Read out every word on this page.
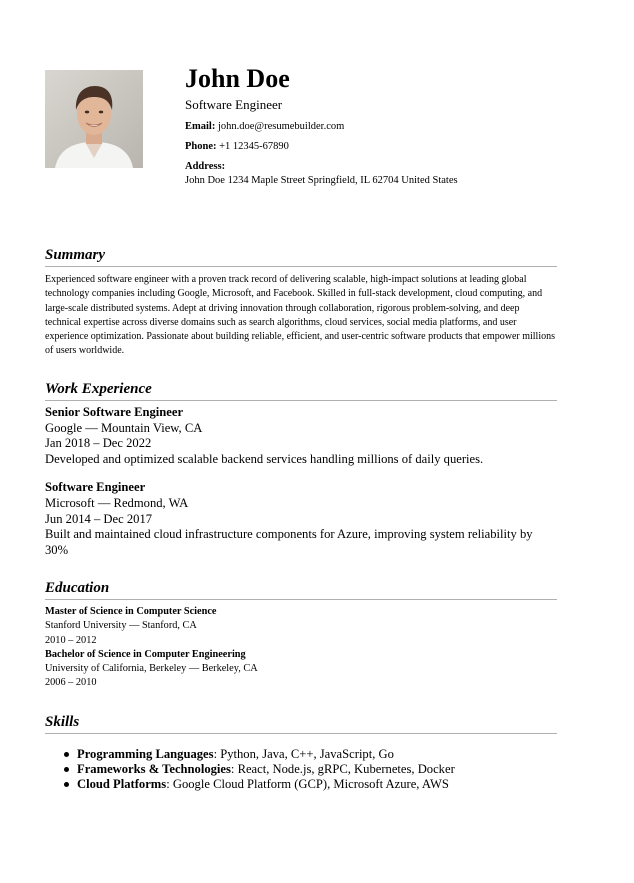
John Doe
Software Engineer
Email: john.doe@resumebuilder.com
Phone: +1 12345-67890
Address:
John Doe 1234 Maple Street Springfield, IL 62704 United States
Summary
Experienced software engineer with a proven track record of delivering scalable, high-impact solutions at leading global technology companies including Google, Microsoft, and Facebook. Skilled in full-stack development, cloud computing, and large-scale distributed systems. Adept at driving innovation through collaboration, rigorous problem-solving, and deep technical expertise across diverse domains such as search algorithms, cloud services, social media platforms, and user experience optimization. Passionate about building reliable, efficient, and user-centric software products that empower millions of users worldwide.
Work Experience
Senior Software Engineer
Google — Mountain View, CA
Jan 2018 – Dec 2022
Developed and optimized scalable backend services handling millions of daily queries.
Software Engineer
Microsoft — Redmond, WA
Jun 2014 – Dec 2017
Built and maintained cloud infrastructure components for Azure, improving system reliability by 30%
Education
Master of Science in Computer Science
Stanford University — Stanford, CA
2010 – 2012
Bachelor of Science in Computer Engineering
University of California, Berkeley — Berkeley, CA
2006 – 2010
Skills
Programming Languages: Python, Java, C++, JavaScript, Go
Frameworks & Technologies: React, Node.js, gRPC, Kubernetes, Docker
Cloud Platforms: Google Cloud Platform (GCP), Microsoft Azure, AWS
